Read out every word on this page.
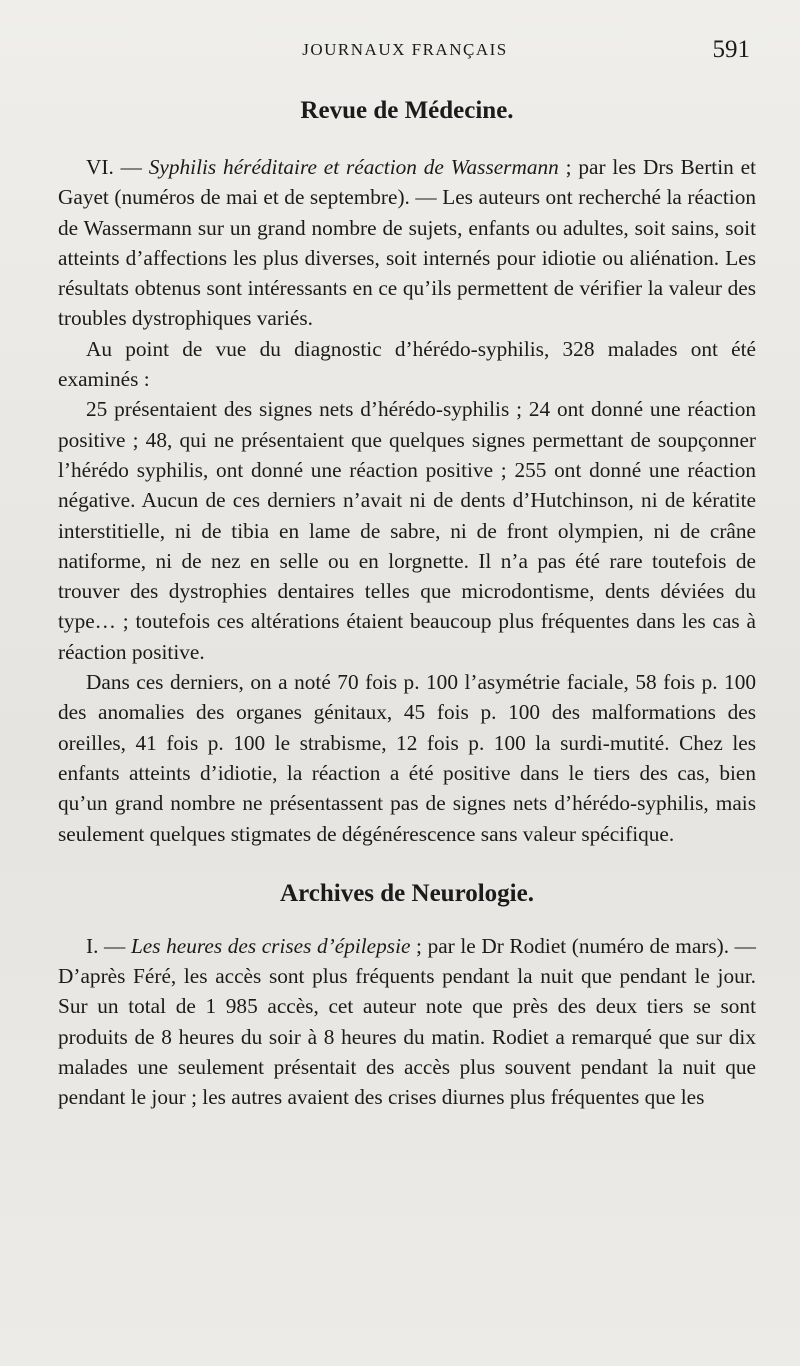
JOURNAUX FRANÇAIS	591
Revue de Médecine.

VI. — Syphilis héréditaire et réaction de Wassermann ; par les Drs Bertin et Gayet (numéros de mai et de septembre). — Les auteurs ont recherché la réaction de Wassermann sur un grand nombre de sujets, enfants ou adultes, soit sains, soit atteints d’affections les plus diverses, soit internés pour idiotie ou aliénation. Les résultats obtenus sont intéressants en ce qu’ils permettent de vérifier la valeur des troubles dystrophiques variés.

Au point de vue du diagnostic d’hérédo-syphilis, 328 malades ont été examinés :

25 présentaient des signes nets d’hérédo-syphilis ; 24 ont donné une réaction positive ; 48, qui ne présentaient que quelques signes permettant de soupçonner l’hérédo syphilis, ont donné une réaction positive ; 255 ont donné une réaction négative. Aucun de ces derniers n’avait ni de dents d’Hutchinson, ni de kératite interstitielle, ni de tibia en lame de sabre, ni de front olympien, ni de crâne natiforme, ni de nez en selle ou en lorgnette. Il n’a pas été rare toutefois de trouver des dystrophies dentaires telles que microdontisme, dents déviées du type… ; toutefois ces altérations étaient beaucoup plus fréquentes dans les cas à réaction positive.

Dans ces derniers, on a noté 70 fois p. 100 l’asymétrie faciale, 58 fois p. 100 des anomalies des organes génitaux, 45 fois p. 100 des malformations des oreilles, 41 fois p. 100 le strabisme, 12 fois p. 100 la surdi-mutité. Chez les enfants atteints d’idiotie, la réaction a été positive dans le tiers des cas, bien qu’un grand nombre ne présentassent pas de signes nets d’hérédo-syphilis, mais seulement quelques stigmates de dégénérescence sans valeur spécifique.

Archives de Neurologie.

I. — Les heures des crises d’épilepsie ; par le Dr Rodiet (numéro de mars). — D’après Féré, les accès sont plus fréquents pendant la nuit que pendant le jour. Sur un total de 1 985 accès, cet auteur note que près des deux tiers se sont produits de 8 heures du soir à 8 heures du matin. Rodiet a remarqué que sur dix malades une seulement présentait des accès plus souvent pendant la nuit que pendant le jour ; les autres avaient des crises diurnes plus fréquentes que les
